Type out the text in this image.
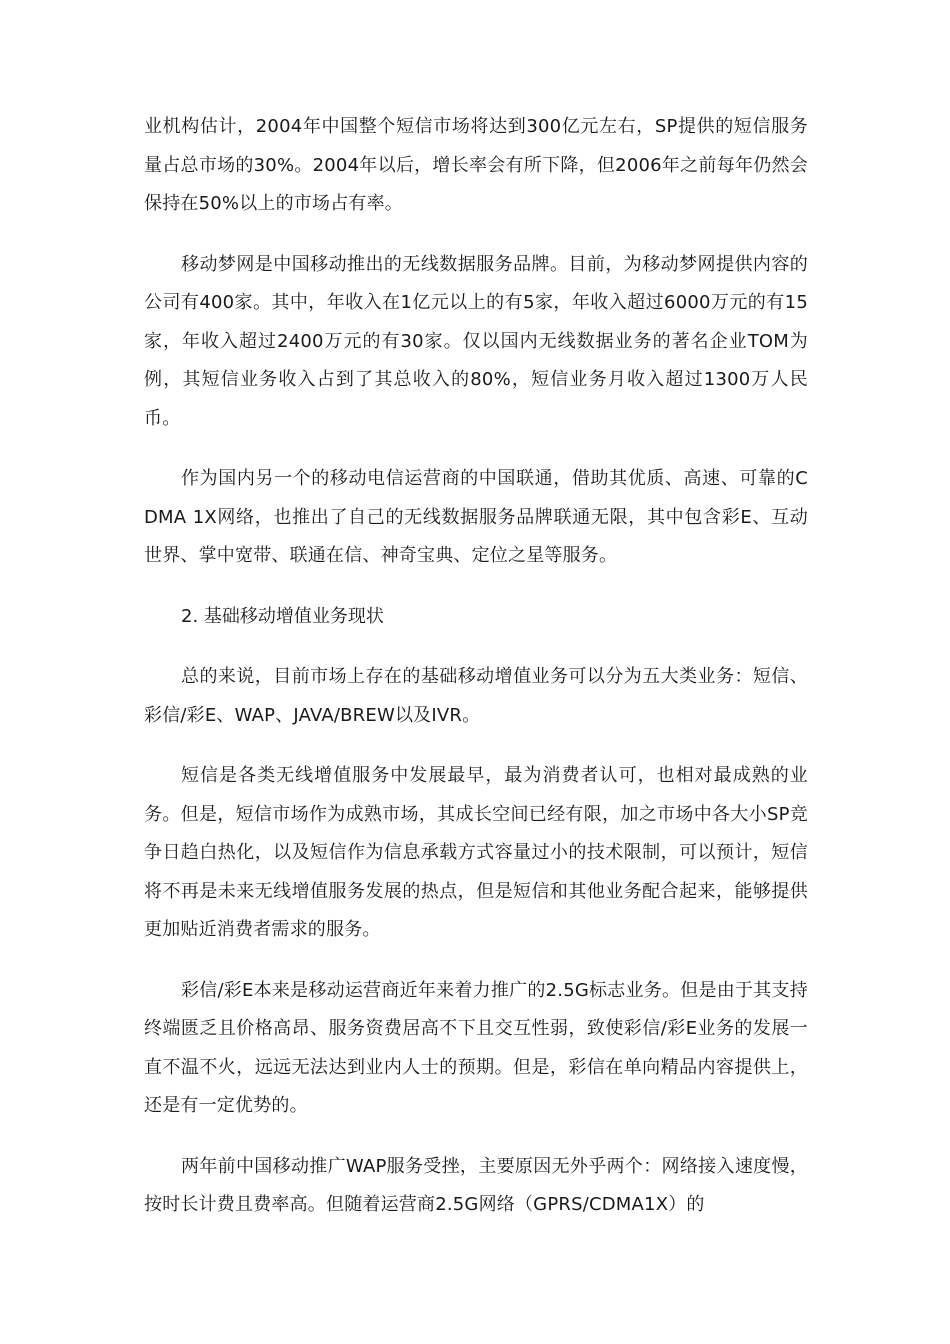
业机构估计，2004年中国整个短信市场将达到300亿元左右，SP提供的短信服务量占总市场的30%。2004年以后，增长率会有所下降，但2006年之前每年仍然会保持在50%以上的市场占有率。

移动梦网是中国移动推出的无线数据服务品牌。目前，为移动梦网提供内容的公司有400家。其中，年收入在1亿元以上的有5家，年收入超过6000万元的有15家，年收入超过2400万元的有30家。仅以国内无线数据业务的著名企业TOM为例，其短信业务收入占到了其总收入的80%，短信业务月收入超过1300万人民币。

作为国内另一个的移动电信运营商的中国联通，借助其优质、高速、可靠的CDMA 1X网络，也推出了自己的无线数据服务品牌联通无限，其中包含彩E、互动世界、掌中宽带、联通在信、神奇宝典、定位之星等服务。

2. 基础移动增值业务现状

总的来说，目前市场上存在的基础移动增值业务可以分为五大类业务：短信、彩信/彩E、WAP、JAVA/BREW以及IVR。

短信是各类无线增值服务中发展最早，最为消费者认可，也相对最成熟的业务。但是，短信市场作为成熟市场，其成长空间已经有限，加之市场中各大小SP竞争日趋白热化，以及短信作为信息承载方式容量过小的技术限制，可以预计，短信将不再是未来无线增值服务发展的热点，但是短信和其他业务配合起来，能够提供更加贴近消费者需求的服务。

彩信/彩E本来是移动运营商近年来着力推广的2.5G标志业务。但是由于其支持终端匮乏且价格高昂、服务资费居高不下且交互性弱，致使彩信/彩E业务的发展一直不温不火，远远无法达到业内人士的预期。但是，彩信在单向精品内容提供上，还是有一定优势的。

两年前中国移动推广WAP服务受挫，主要原因无外乎两个：网络接入速度慢，按时长计费且费率高。但随着运营商2.5G网络（GPRS/CDMA1X）的
